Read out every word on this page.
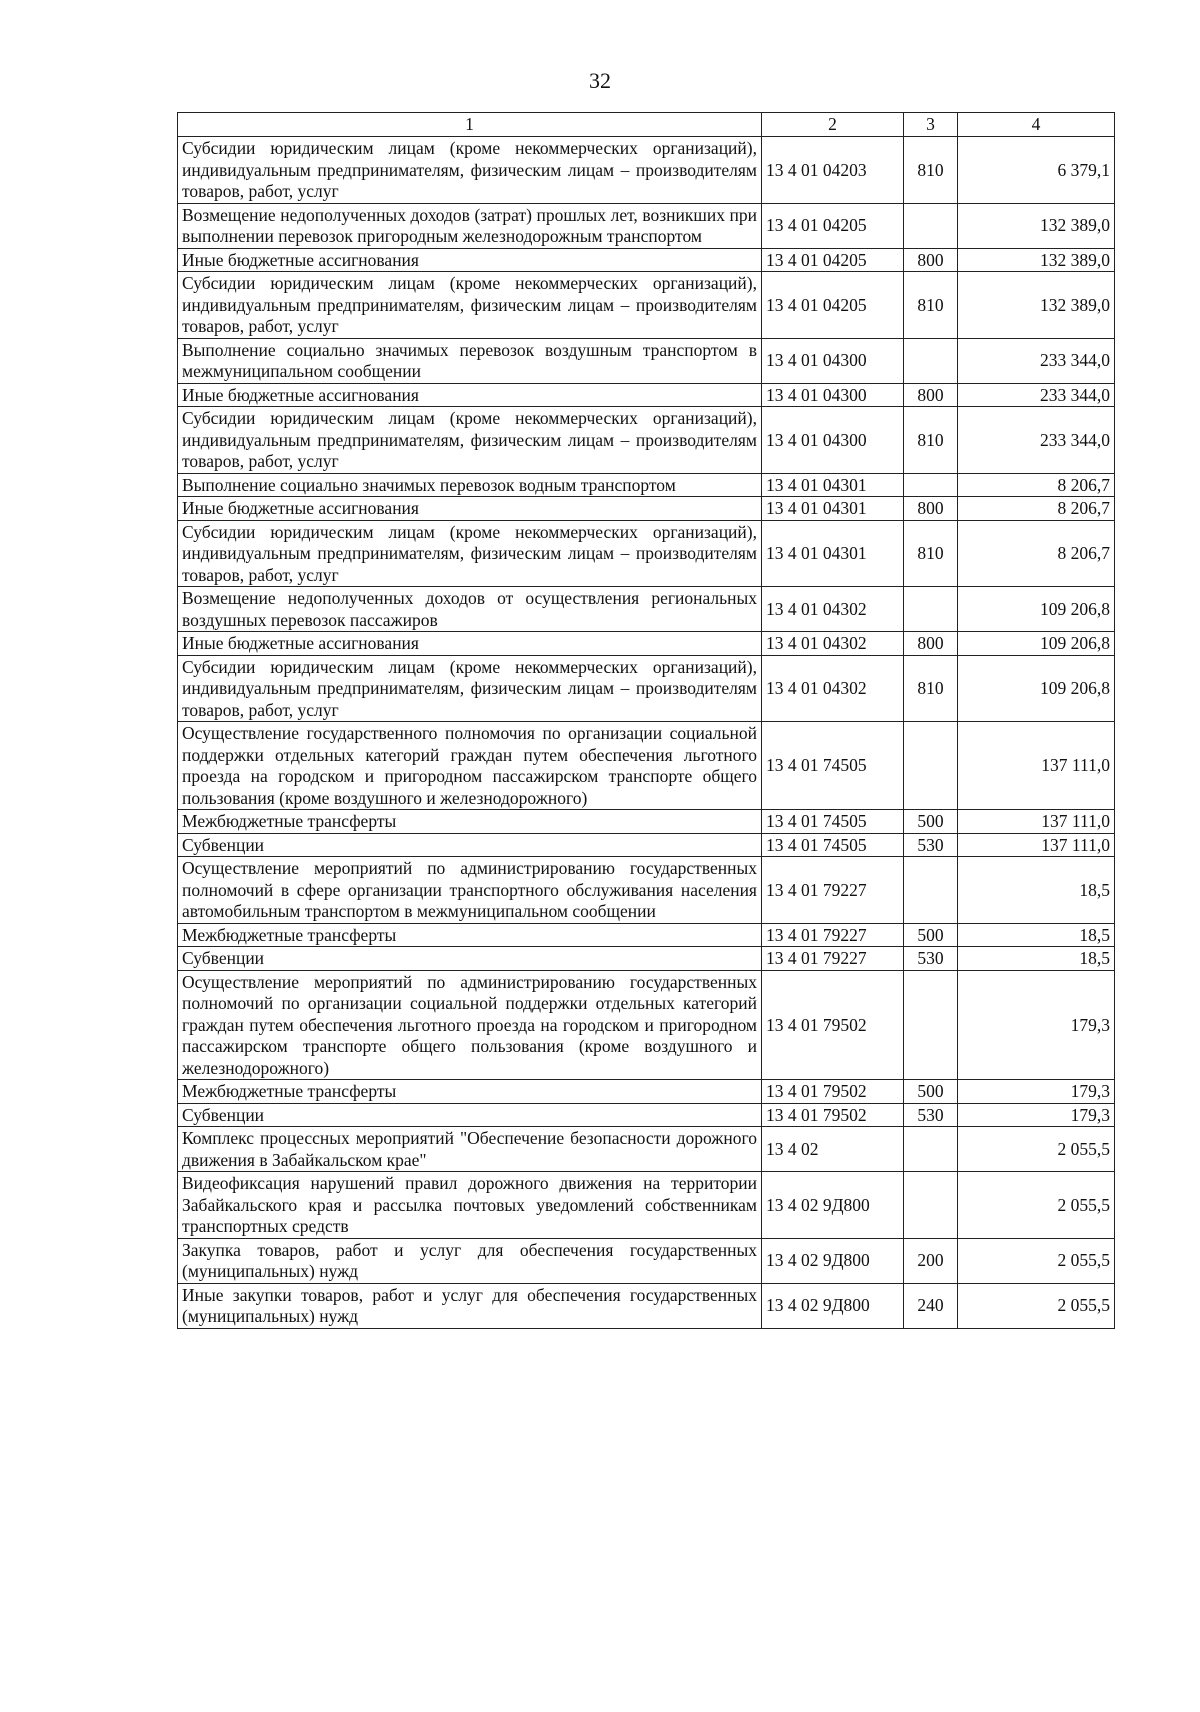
32
1	2	3	4
Субсидии юридическим лицам (кроме некоммерческих организаций), индивидуальным предпринимателям, физическим лицам – производителям товаров, работ, услуг	13 4 01 04203	810	6 379,1
Возмещение недополученных доходов (затрат) прошлых лет, возникших при выполнении перевозок пригородным железнодорожным транспортом	13 4 01 04205		132 389,0
Иные бюджетные ассигнования	13 4 01 04205	800	132 389,0
Субсидии юридическим лицам (кроме некоммерческих организаций), индивидуальным предпринимателям, физическим лицам – производителям товаров, работ, услуг	13 4 01 04205	810	132 389,0
Выполнение социально значимых перевозок воздушным транспортом в межмуниципальном сообщении	13 4 01 04300		233 344,0
Иные бюджетные ассигнования	13 4 01 04300	800	233 344,0
Субсидии юридическим лицам (кроме некоммерческих организаций), индивидуальным предпринимателям, физическим лицам – производителям товаров, работ, услуг	13 4 01 04300	810	233 344,0
Выполнение социально значимых перевозок водным транспортом	13 4 01 04301		8 206,7
Иные бюджетные ассигнования	13 4 01 04301	800	8 206,7
Субсидии юридическим лицам (кроме некоммерческих организаций), индивидуальным предпринимателям, физическим лицам – производителям товаров, работ, услуг	13 4 01 04301	810	8 206,7
Возмещение недополученных доходов от осуществления региональных воздушных перевозок пассажиров	13 4 01 04302		109 206,8
Иные бюджетные ассигнования	13 4 01 04302	800	109 206,8
Субсидии юридическим лицам (кроме некоммерческих организаций), индивидуальным предпринимателям, физическим лицам – производителям товаров, работ, услуг	13 4 01 04302	810	109 206,8
Осуществление государственного полномочия по организации социальной поддержки отдельных категорий граждан путем обеспечения льготного проезда на городском и пригородном пассажирском транспорте общего пользования (кроме воздушного и железнодорожного)	13 4 01 74505		137 111,0
Межбюджетные трансферты	13 4 01 74505	500	137 111,0
Субвенции	13 4 01 74505	530	137 111,0
Осуществление мероприятий по администрированию государственных полномочий в сфере организации транспортного обслуживания населения автомобильным транспортом в межмуниципальном сообщении	13 4 01 79227		18,5
Межбюджетные трансферты	13 4 01 79227	500	18,5
Субвенции	13 4 01 79227	530	18,5
Осуществление мероприятий по администрированию государственных полномочий по организации социальной поддержки отдельных категорий граждан путем обеспечения льготного проезда на городском и пригородном пассажирском транспорте общего пользования (кроме воздушного и железнодорожного)	13 4 01 79502		179,3
Межбюджетные трансферты	13 4 01 79502	500	179,3
Субвенции	13 4 01 79502	530	179,3
Комплекс процессных мероприятий "Обеспечение безопасности дорожного движения в Забайкальском крае"	13 4 02		2 055,5
Видеофиксация нарушений правил дорожного движения на территории Забайкальского края и рассылка почтовых уведомлений собственникам транспортных средств	13 4 02 9Д800		2 055,5
Закупка товаров, работ и услуг для обеспечения государственных (муниципальных) нужд	13 4 02 9Д800	200	2 055,5
Иные закупки товаров, работ и услуг для обеспечения государственных (муниципальных) нужд	13 4 02 9Д800	240	2 055,5
